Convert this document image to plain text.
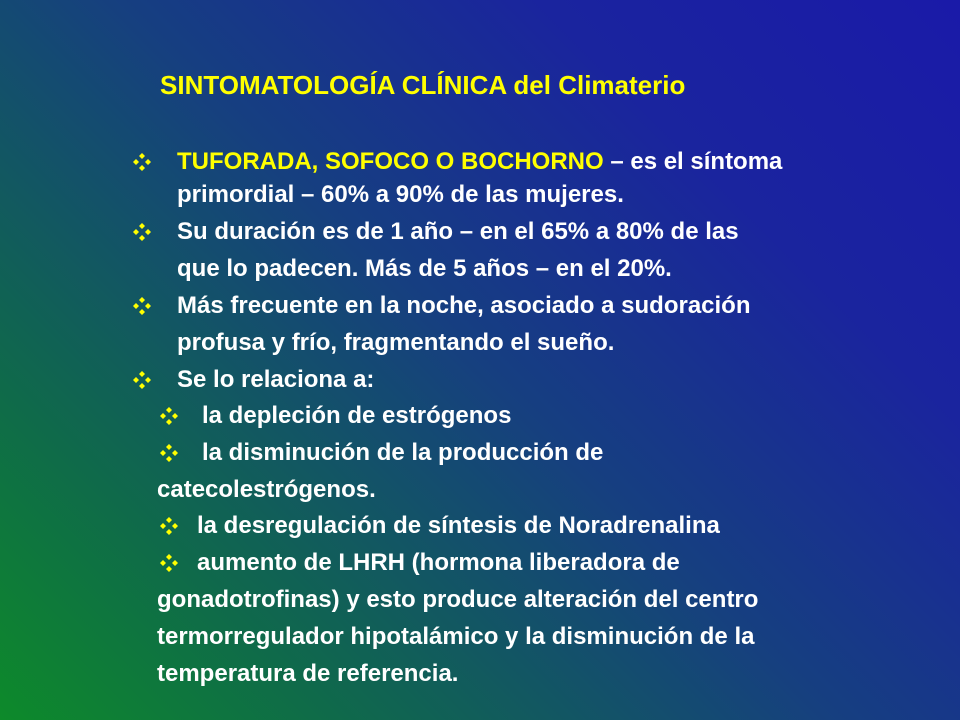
SINTOMATOLOGÍA CLÍNICA del Climaterio
TUFORADA, SOFOCO O BOCHORNO – es el síntoma
primordial – 60% a 90% de las mujeres.
Su duración es de 1 año – en el 65% a 80% de las
que lo padecen. Más de 5 años – en el 20%.
Más frecuente en la noche, asociado a sudoración
profusa y frío, fragmentando el sueño.
Se lo relaciona a:
la depleción de estrógenos
la disminución de la producción de
catecolestrógenos.
la desregulación de síntesis de Noradrenalina
aumento de LHRH (hormona liberadora de
gonadotrofinas) y esto produce alteración del centro
termorregulador hipotalámico y la disminución de la
temperatura de referencia.
